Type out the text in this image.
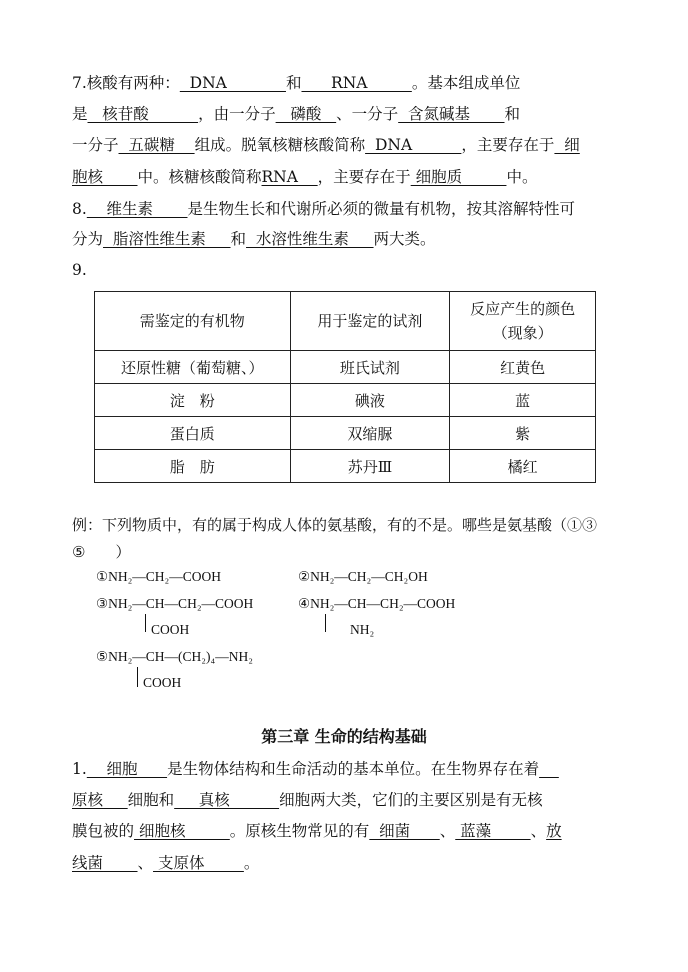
7.核酸有两种：  DNA            和      RNA         。基本组成单位
是   核苷酸          ，由一分子   磷酸   、一分子  含氮碱基       和
一分子  五碳糖    组成。脱氧核糖核酸简称  DNA          ，主要存在于  细
胞核       中。核糖核酸简称RNA    ，主要存在于 细胞质         中。
8.    维生素       是生物生长和代谢所必须的微量有机物，按其溶解特性可
分为  脂溶性维生素     和  水溶性维生素     两大类。
9.
需鉴定的有机物	用于鉴定的试剂	反应产生的颜色
（现象）
还原性糖（葡萄糖、）	班氏试剂	红黄色
淀　粉	碘液	蓝
蛋白质	双缩脲	紫
脂　肪	苏丹Ⅲ	橘红
例：下列物质中，有的属于构成人体的氨基酸，有的不是。哪些是氨基酸（①③
⑤　　）
①NH₂—CH₂—COOH	②NH₂—CH₂—CH₂OH
③NH₂—CH—CH₂—COOH
COOH
④NH₂—CH—CH₂—COOH
NH₂
⑤NH₂—CH—(CH₂)₄—NH₂
COOH
第三章 生命的结构基础
1.    细胞      是生物体结构和生命活动的基本单位。在生物界存在着
原核 细胞和     真核          细胞两大类，它们的主要区别是有无核
膜包被的 细胞核         。原核生物常见的有  细菌      、 蓝藻        、放
线菌 、 支原体        。
